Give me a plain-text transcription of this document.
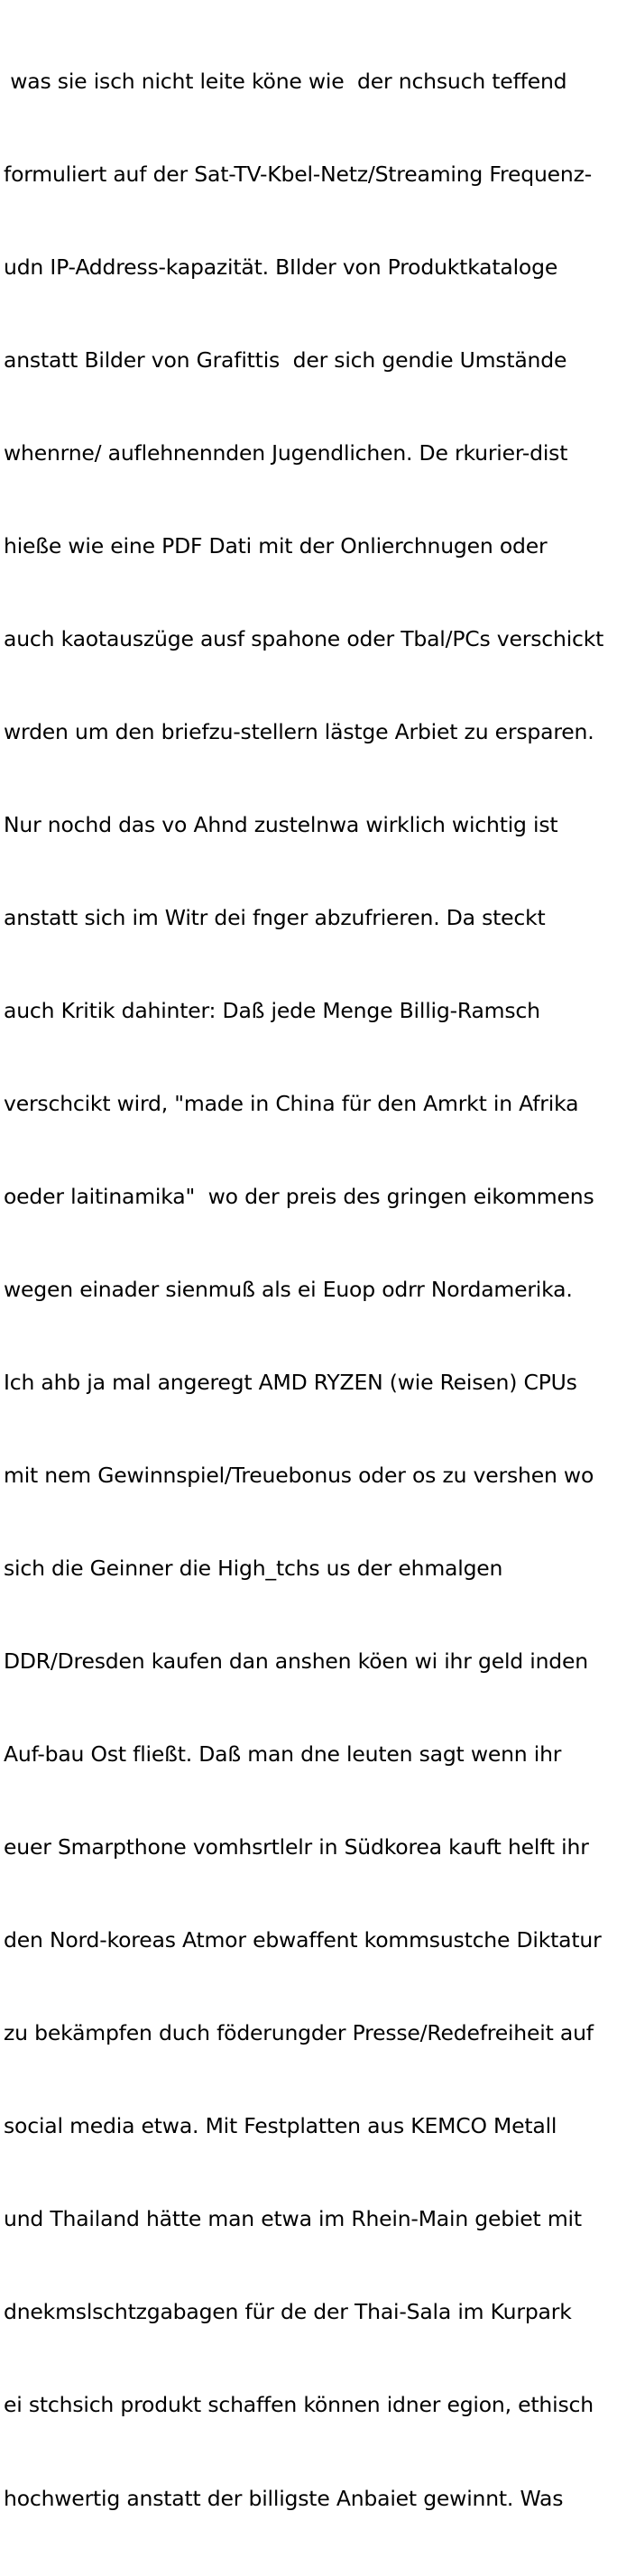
was sie isch nicht leite köne wie  der nchsuch teffend

formuliert auf der Sat-TV-Kbel-Netz/Streaming Frequenz-

udn IP-Address-kapazität. BIlder von Produktkataloge

anstatt Bilder von Grafittis  der sich gendie Umstände

whenrne/ auflehnennden Jugendlichen. De rkurier-dist

hieße wie eine PDF Dati mit der Onlierchnugen oder

auch kaotauszüge ausf spahone oder Tbal/PCs verschickt

wrden um den briefzu-stellern lästge Arbiet zu ersparen.

Nur nochd das vo Ahnd zustelnwa wirklich wichtig ist

anstatt sich im Witr dei fnger abzufrieren. Da steckt

auch Kritik dahinter: Daß jede Menge Billig-Ramsch

verschcikt wird, "made in China für den Amrkt in Afrika

oeder laitinamika"  wo der preis des gringen eikommens

wegen einader sienmuß als ei Euop odrr Nordamerika.

Ich ahb ja mal angeregt AMD RYZEN (wie Reisen) CPUs

mit nem Gewinnspiel/Treuebonus oder os zu vershen wo

sich die Geinner die High_tchs us der ehmalgen

DDR/Dresden kaufen dan anshen köen wi ihr geld inden

Auf-bau Ost fließt. Daß man dne leuten sagt wenn ihr

euer Smarpthone vomhsrtlelr in Südkorea kauft helft ihr

den Nord-koreas Atmor ebwaffent kommsustche Diktatur

zu bekämpfen duch föderungder Presse/Redefreiheit auf

social media etwa. Mit Festplatten aus KEMCO Metall

und Thailand hätte man etwa im Rhein-Main gebiet mit

dnekmslschtzgabagen für de der Thai-Sala im Kurpark

ei stchsich produkt schaffen können idner egion, ethisch

hochwertig anstatt der billigste Anbaiet gewinnt. Was
